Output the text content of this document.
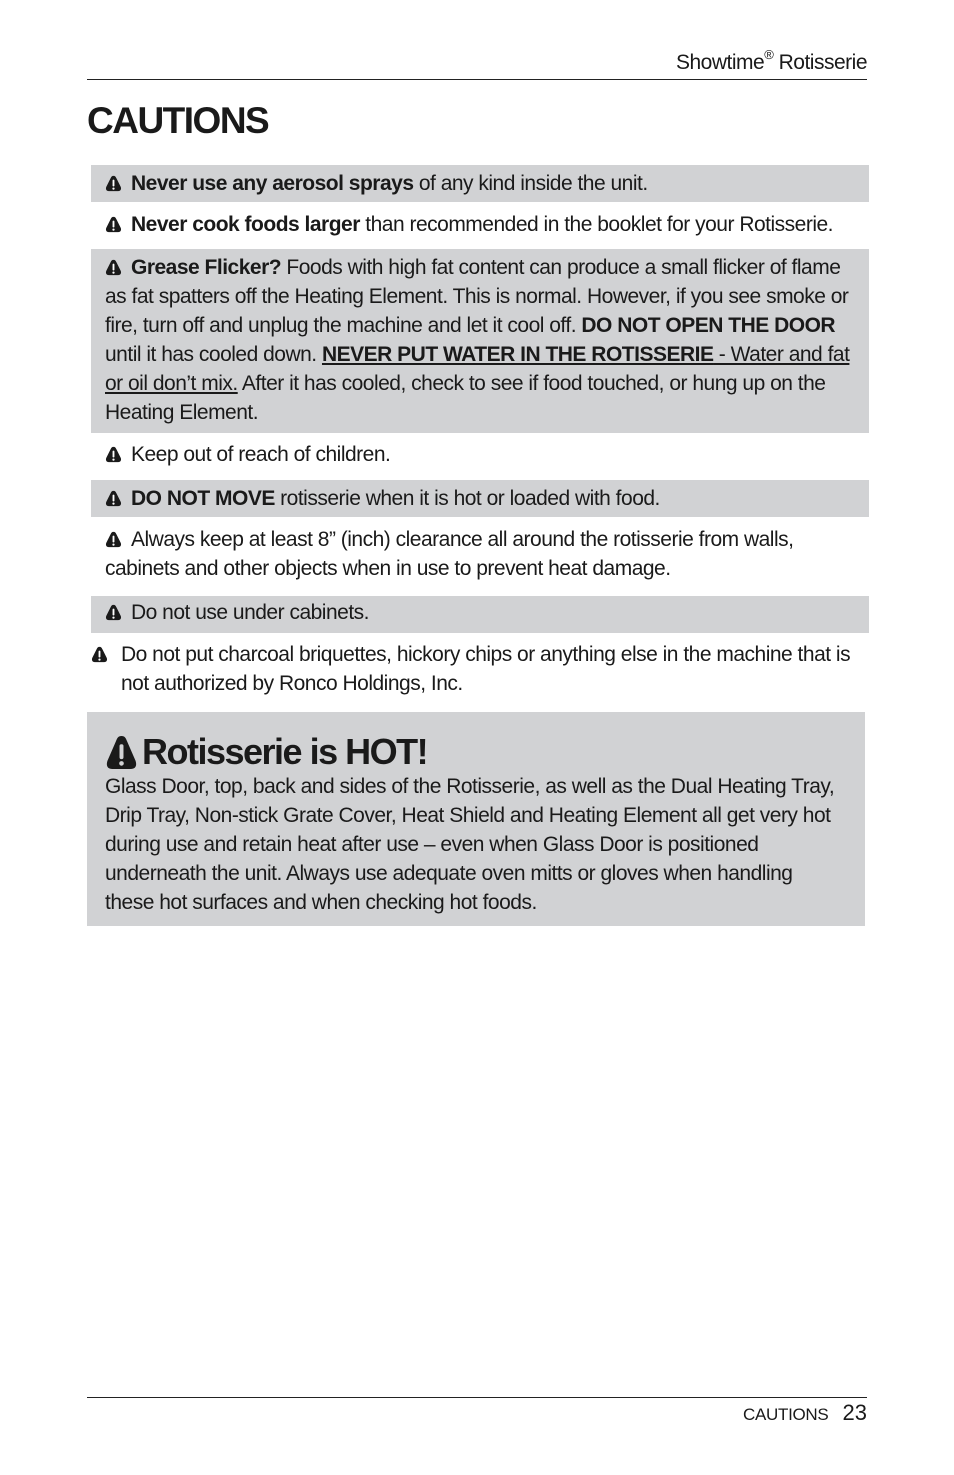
Showtime® Rotisserie
CAUTIONS
Never use any aerosol sprays of any kind inside the unit.
Never cook foods larger than recommended in the booklet for your Rotisserie.
Grease Flicker? Foods with high fat content can produce a small flicker of flame as fat spatters off the Heating Element. This is normal. However, if you see smoke or fire, turn off and unplug the machine and let it cool off. DO NOT OPEN THE DOOR until it has cooled down. NEVER PUT WATER IN THE ROTISSERIE - Water and fat or oil don’t mix. After it has cooled, check to see if food touched, or hung up on the Heating Element.
Keep out of reach of children.
DO NOT MOVE rotisserie when it is hot or loaded with food.
Always keep at least 8” (inch) clearance all around the rotisserie from walls, cabinets and other objects when in use to prevent heat damage.
Do not use under cabinets.
Do not put charcoal briquettes, hickory chips or anything else in the machine that is not authorized by Ronco Holdings, Inc.
Rotisserie is HOT!
Glass Door, top, back and sides of the Rotisserie, as well as the Dual Heating Tray, Drip Tray, Non-stick Grate Cover, Heat Shield and Heating Element all get very hot during use and retain heat after use – even when Glass Door is positioned underneath the unit. Always use adequate oven mitts or gloves when handling these hot surfaces and when checking hot foods.
CAUTIONS 23
